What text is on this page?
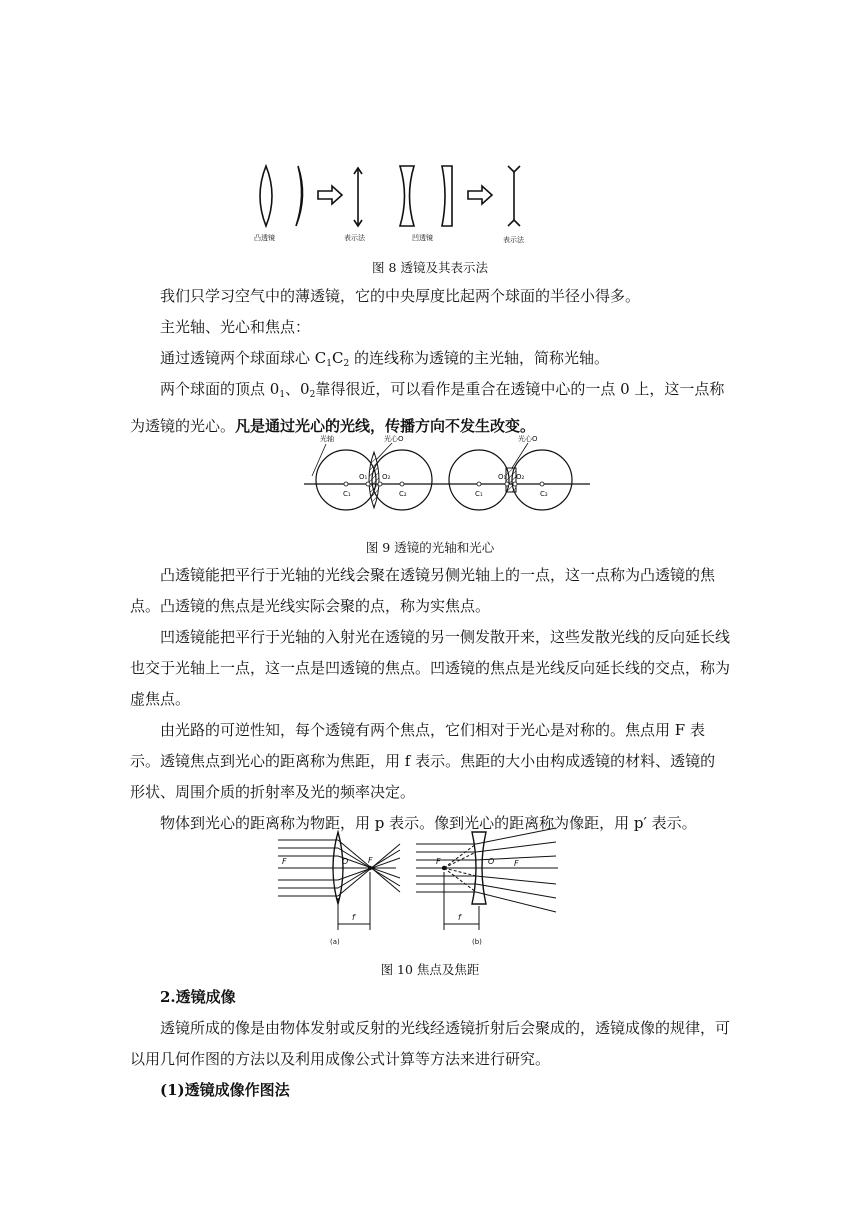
凸透镜	表示法	凹透镜	表示法

图 8 透镜及其表示法

我们只学习空气中的薄透镜，它的中央厚度比起两个球面的半径小得多。

主光轴、光心和焦点：

通过透镜两个球面球心 $C_1C_2$ 的连线称为透镜的主光轴，简称光轴。

两个球面的顶点 $0_1$、$0_2$靠得很近，可以看作是重合在透镜中心的一点 0 上，这一点称为透镜的光心。凡是通过光心的光线，传播方向不发生改变。

光轴	光心O	光心O
O₁ O₂
C₁	C₂
O₁ O₂
C₁	C₂

图 9 透镜的光轴和光心

凸透镜能把平行于光轴的光线会聚在透镜另侧光轴上的一点，这一点称为凸透镜的焦点。凸透镜的焦点是光线实际会聚的点，称为实焦点。

凹透镜能把平行于光轴的入射光在透镜的另一侧发散开来，这些发散光线的反向延长线也交于光轴上一点，这一点是凹透镜的焦点。凹透镜的焦点是光线反向延长线的交点，称为虚焦点。

由光路的可逆性知，每个透镜有两个焦点，它们相对于光心是对称的。焦点用 F 表示。 透镜焦点到光心的距离称为焦距，用 f 表示。焦距的大小由构成透镜的材料、透镜的形状、周围介质的折射率及光的频率决定。

物体到光心的距离称为物距，用 p 表示。像到光心的距离称为像距，用 p′ 表示。

F	O F
f
F	O F
f
(a)	(b)

图 10 焦点及焦距

2.透镜成像

透镜所成的像是由物体发射或反射的光线经透镜折射后会聚成的，透镜成像的规律，可以用几何作图的方法以及利用成像公式计算等方法来进行研究。

(1)透镜成像作图法
